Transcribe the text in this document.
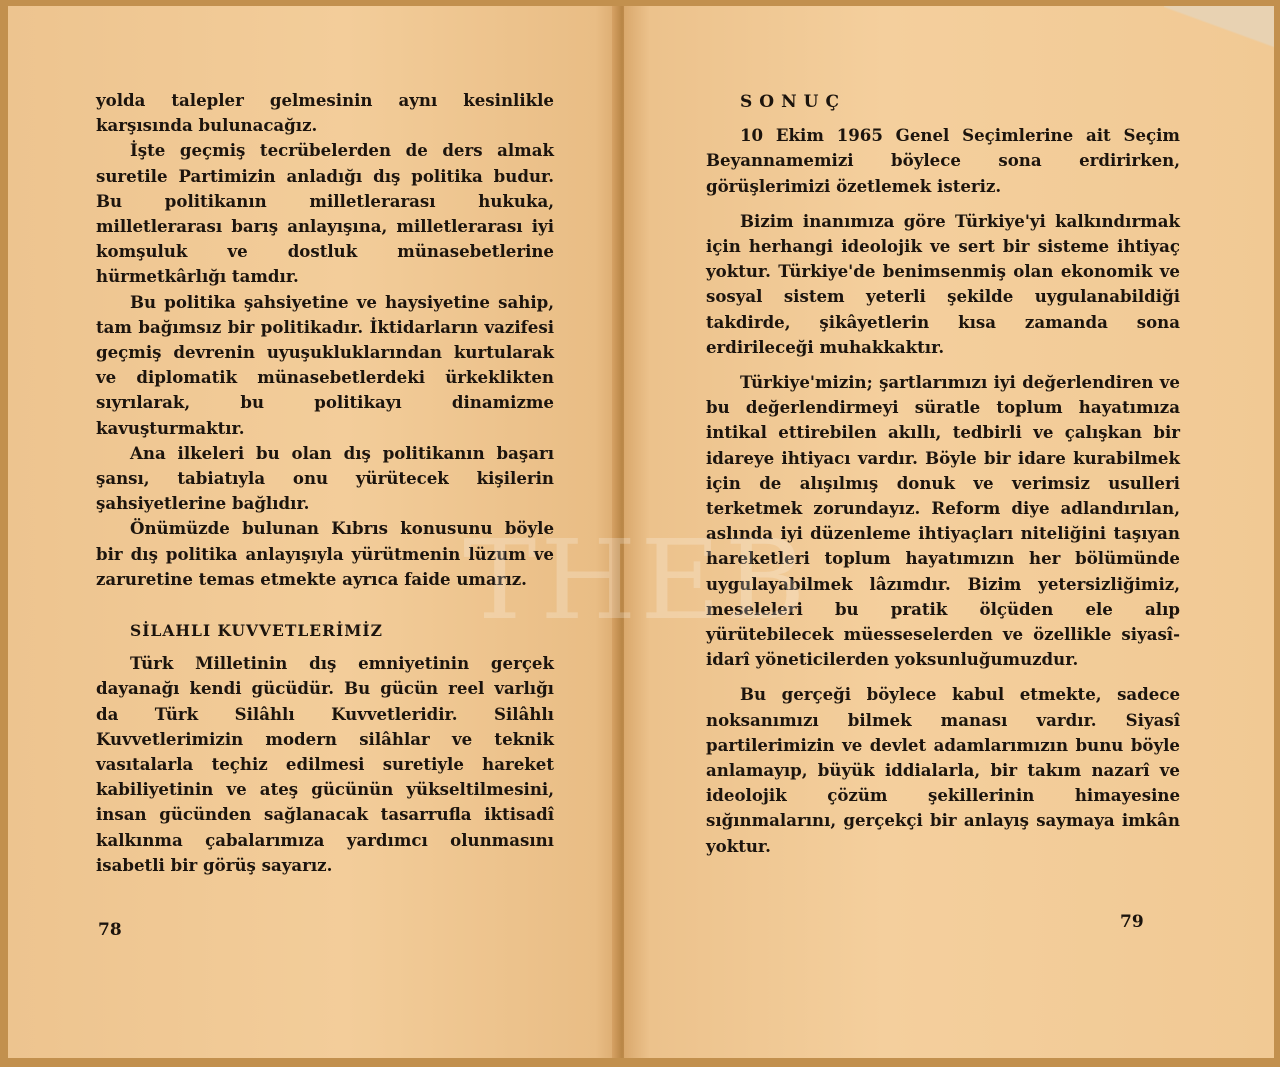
yolda talepler gelmesinin aynı kesinlikle karşısında bulunacağız.

İşte geçmiş tecrübelerden de ders almak suretile Partimizin anladığı dış politika budur. Bu politikanın milletlerarası hukuka, milletlerarası barış anlayışına, milletlerarası iyi komşuluk ve dostluk münasebetlerine hürmetkârlığı tamdır.

Bu politika şahsiyetine ve haysiyetine sahip, tam bağımsız bir politikadır. İktidarların vazifesi geçmiş devrenin uyuşukluklarından kurtularak ve diplomatik münasebetlerdeki ürkeklikten sıyrılarak, bu politikayı dinamizme kavuşturmaktır.

Ana ilkeleri bu olan dış politikanın başarı şansı, tabiatıyla onu yürütecek kişilerin şahsiyetlerine bağlıdır.

Önümüzde bulunan Kıbrıs konusunu böyle bir dış politika anlayışıyla yürütmenin lüzum ve zaruretine temas etmekte ayrıca faide umarız.

SİLAHLI KUVVETLERİMİZ

Türk Milletinin dış emniyetinin gerçek dayanağı kendi gücüdür. Bu gücün reel varlığı da Türk Silâhlı Kuvvetleridir. Silâhlı Kuvvetlerimizin modern silâhlar ve teknik vasıtalarla teçhiz edilmesi suretiyle hareket kabiliyetinin ve ateş gücünün yükseltilmesini, insan gücünden sağlanacak tasarrufla iktisadî kalkınma çabalarımıza yardımcı olunmasını isabetli bir görüş sayarız.

78

SONUÇ

10 Ekim 1965 Genel Seçimlerine ait Seçim Beyannamemizi böylece sona erdirirken, görüşlerimizi özetlemek isteriz.

Bizim inanımıza göre Türkiye'yi kalkındırmak için herhangi ideolojik ve sert bir sisteme ihtiyaç yoktur. Türkiye'de benimsenmiş olan ekonomik ve sosyal sistem yeterli şekilde uygulanabildiği takdirde, şikâyetlerin kısa zamanda sona erdirileceği muhakkaktır.

Türkiye'mizin; şartlarımızı iyi değerlendiren ve bu değerlendirmeyi süratle toplum hayatımıza intikal ettirebilen akıllı, tedbirli ve çalışkan bir idareye ihtiyacı vardır. Böyle bir idare kurabilmek için de alışılmış donuk ve verimsiz usulleri terketmek zorundayız. Reform diye adlandırılan, aslında iyi düzenleme ihtiyaçları niteliğini taşıyan hareketleri toplum hayatımızın her bölümünde uygulayabilmek lâzımdır. Bizim yetersizliğimiz, meseleleri bu pratik ölçüden ele alıp yürütebilecek müesseselerden ve özellikle siyasî-idarî yöneticilerden yoksunluğumuzdur.

Bu gerçeği böylece kabul etmekte, sadece noksanımızı bilmek manası vardır. Siyasî partilerimizin ve devlet adamlarımızın bunu böyle anlamayıp, büyük iddialarla, bir takım nazarî ve ideolojik çözüm şekillerinin himayesine sığınmalarını, gerçekçi bir anlayış saymaya imkân yoktur.

79
THEB
